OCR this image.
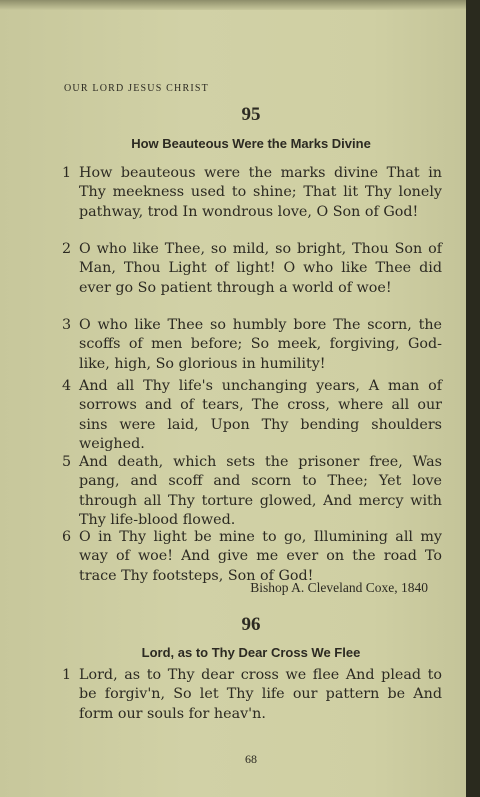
OUR LORD JESUS CHRIST
95
How Beauteous Were the Marks Divine
1 How beauteous were the marks divine That in Thy meekness used to shine; That lit Thy lonely pathway, trod In wondrous love, O Son of God!
2 O who like Thee, so mild, so bright, Thou Son of Man, Thou Light of light! O who like Thee did ever go So patient through a world of woe!
3 O who like Thee so humbly bore The scorn, the scoffs of men before; So meek, forgiving, God-like, high, So glorious in humility!
4 And all Thy life's unchanging years, A man of sorrows and of tears, The cross, where all our sins were laid, Upon Thy bending shoulders weighed.
5 And death, which sets the prisoner free, Was pang, and scoff and scorn to Thee; Yet love through all Thy torture glowed, And mercy with Thy life-blood flowed.
6 O in Thy light be mine to go, Illumining all my way of woe! And give me ever on the road To trace Thy footsteps, Son of God!
Bishop A. Cleveland Coxe, 1840
96
Lord, as to Thy Dear Cross We Flee
1 Lord, as to Thy dear cross we flee And plead to be forgiv'n, So let Thy life our pattern be And form our souls for heav'n.
68
